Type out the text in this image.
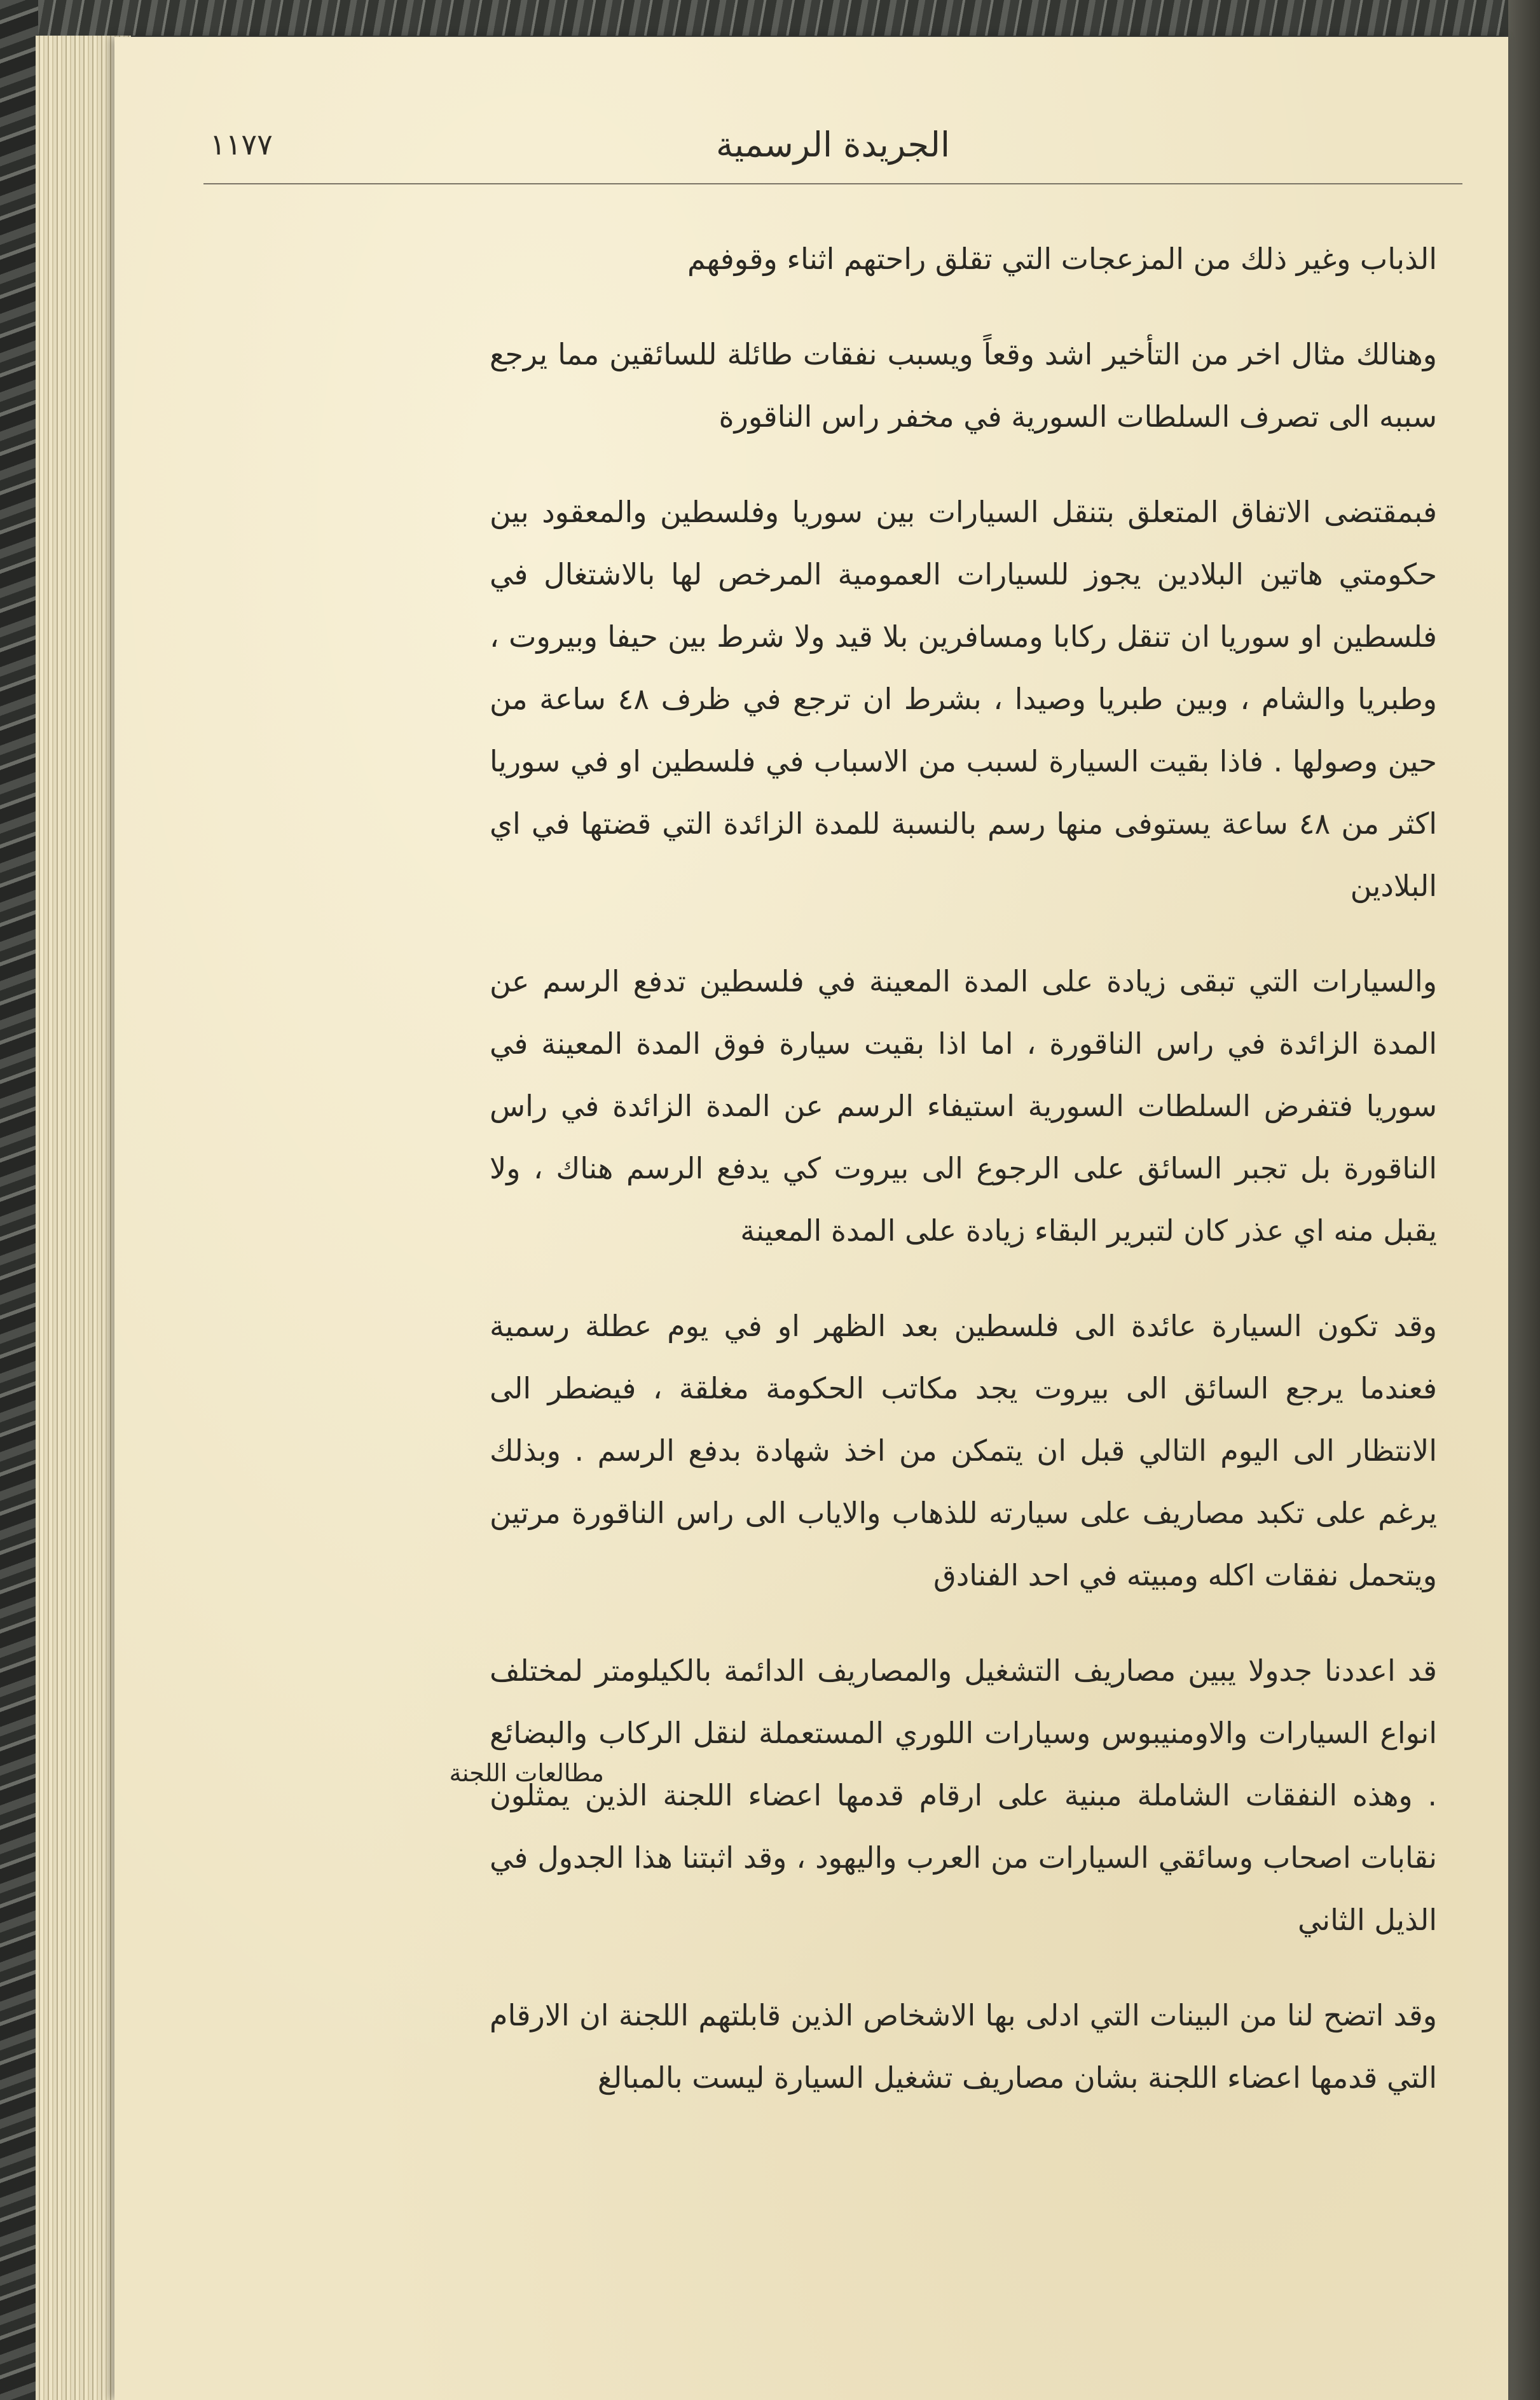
١١٧٧	الجريدة الرسمية
مطالعات اللجنة

الذباب وغير ذلك من المزعجات التي تقلق راحتهم اثناء وقوفهم

وهنالك مثال اخر من التأخير اشد وقعاً ويسبب نفقات طائلة للسائقين مما يرجع سببه الى تصرف السلطات السورية في مخفر راس الناقورة

فبمقتضى الاتفاق المتعلق بتنقل السيارات بين سوريا وفلسطين والمعقود بين حكومتي هاتين البلادين يجوز للسيارات العمومية المرخص لها بالاشتغال في فلسطين او سوريا ان تنقل ركابا ومسافرين بلا قيد ولا شرط بين حيفا وبيروت ، وطبريا والشام ، وبين طبريا وصيدا ، بشرط ان ترجع في ظرف ٤٨ ساعة من حين وصولها . فاذا بقيت السيارة لسبب من الاسباب في فلسطين او في سوريا اكثر من ٤٨ ساعة يستوفى منها رسم بالنسبة للمدة الزائدة التي قضتها في اي البلادين

والسيارات التي تبقى زيادة على المدة المعينة في فلسطين تدفع الرسم عن المدة الزائدة في راس الناقورة ، اما اذا بقيت سيارة فوق المدة المعينة في سوريا فتفرض السلطات السورية استيفاء الرسم عن المدة الزائدة في راس الناقورة بل تجبر السائق على الرجوع الى بيروت كي يدفع الرسم هناك ، ولا يقبل منه اي عذر كان لتبرير البقاء زيادة على المدة المعينة

وقد تكون السيارة عائدة الى فلسطين بعد الظهر او في يوم عطلة رسمية فعندما يرجع السائق الى بيروت يجد مكاتب الحكومة مغلقة ، فيضطر الى الانتظار الى اليوم التالي قبل ان يتمكن من اخذ شهادة بدفع الرسم . وبذلك يرغم على تكبد مصاريف على سيارته للذهاب والاياب الى راس الناقورة مرتين ويتحمل نفقات اكله ومبيته في احد الفنادق

قد اعددنا جدولا يبين مصاريف التشغيل والمصاريف الدائمة بالكيلومتر لمختلف انواع السيارات والاومنيبوس وسيارات اللوري المستعملة لنقل الركاب والبضائع . وهذه النفقات الشاملة مبنية على ارقام قدمها اعضاء اللجنة الذين يمثلون نقابات اصحاب وسائقي السيارات من العرب واليهود ، وقد اثبتنا هذا الجدول في الذيل الثاني

وقد اتضح لنا من البينات التي ادلى بها الاشخاص الذين قابلتهم اللجنة ان الارقام التي قدمها اعضاء اللجنة بشان مصاريف تشغيل السيارة ليست بالمبالغ
